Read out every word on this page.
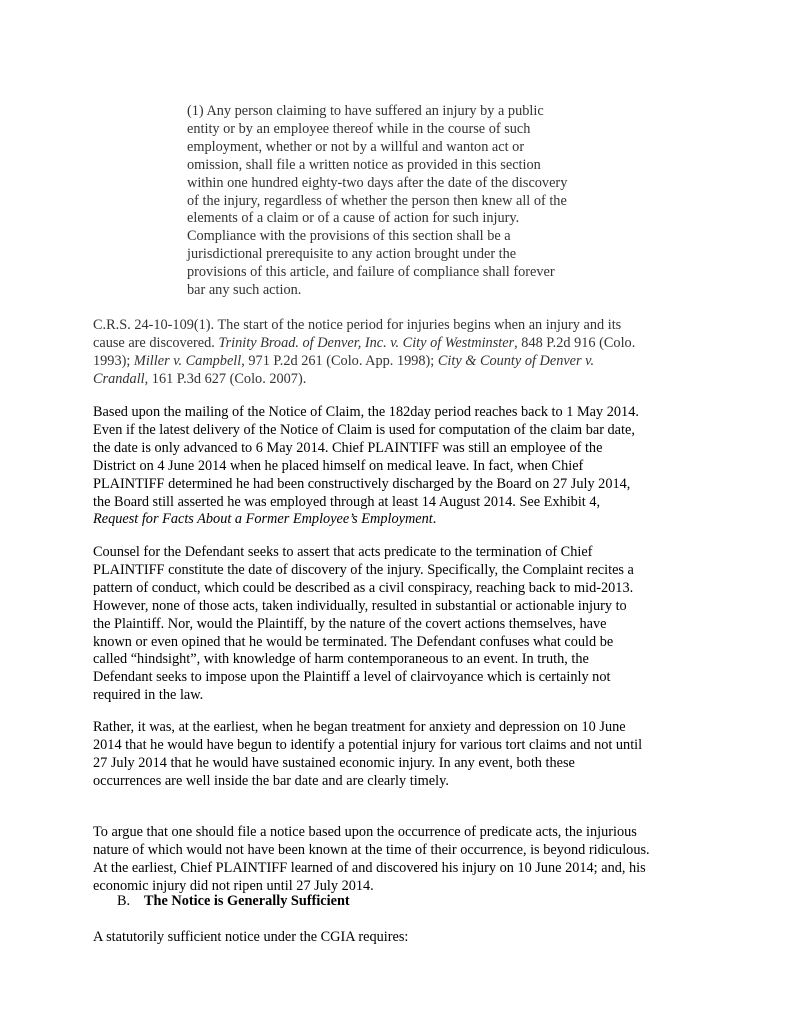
(1) Any person claiming to have suffered an injury by a public
entity or by an employee thereof while in the course of such
employment, whether or not by a willful and wanton act or
omission, shall file a written notice as provided in this section
within one hundred eighty-two days after the date of the discovery
of the injury, regardless of whether the person then knew all of the
elements of a claim or of a cause of action for such injury.
Compliance with the provisions of this section shall be a
jurisdictional prerequisite to any action brought under the
provisions of this article, and failure of compliance shall forever
bar any such action.
C.R.S. 24-10-109(1). The start of the notice period for injuries begins when an injury and its
cause are discovered. Trinity Broad. of Denver, Inc. v. City of Westminster, 848 P.2d 916 (Colo.
1993); Miller v. Campbell, 971 P.2d 261 (Colo. App. 1998); City & County of Denver v.
Crandall, 161 P.3d 627 (Colo. 2007).
Based upon the mailing of the Notice of Claim, the 182day period reaches back to 1 May 2014.
Even if the latest delivery of the Notice of Claim is used for computation of the claim bar date,
the date is only advanced to 6 May 2014. Chief PLAINTIFF was still an employee of the
District on 4 June 2014 when he placed himself on medical leave. In fact, when Chief
PLAINTIFF determined he had been constructively discharged by the Board on 27 July 2014,
the Board still asserted he was employed through at least 14 August 2014. See Exhibit 4,
Request for Facts About a Former Employee’s Employment.
Counsel for the Defendant seeks to assert that acts predicate to the termination of Chief
PLAINTIFF constitute the date of discovery of the injury. Specifically, the Complaint recites a
pattern of conduct, which could be described as a civil conspiracy, reaching back to mid-2013.
However, none of those acts, taken individually, resulted in substantial or actionable injury to
the Plaintiff. Nor, would the Plaintiff, by the nature of the covert actions themselves, have
known or even opined that he would be terminated. The Defendant confuses what could be
called “hindsight”, with knowledge of harm contemporaneous to an event. In truth, the
Defendant seeks to impose upon the Plaintiff a level of clairvoyance which is certainly not
required in the law.
Rather, it was, at the earliest, when he began treatment for anxiety and depression on 10 June
2014 that he would have begun to identify a potential injury for various tort claims and not until
27 July 2014 that he would have sustained economic injury. In any event, both these
occurrences are well inside the bar date and are clearly timely.
To argue that one should file a notice based upon the occurrence of predicate acts, the injurious
nature of which would not have been known at the time of their occurrence, is beyond ridiculous.
At the earliest, Chief PLAINTIFF learned of and discovered his injury on 10 June 2014; and, his
economic injury did not ripen until 27 July 2014.
B. The Notice is Generally Sufficient
A statutorily sufficient notice under the CGIA requires:
